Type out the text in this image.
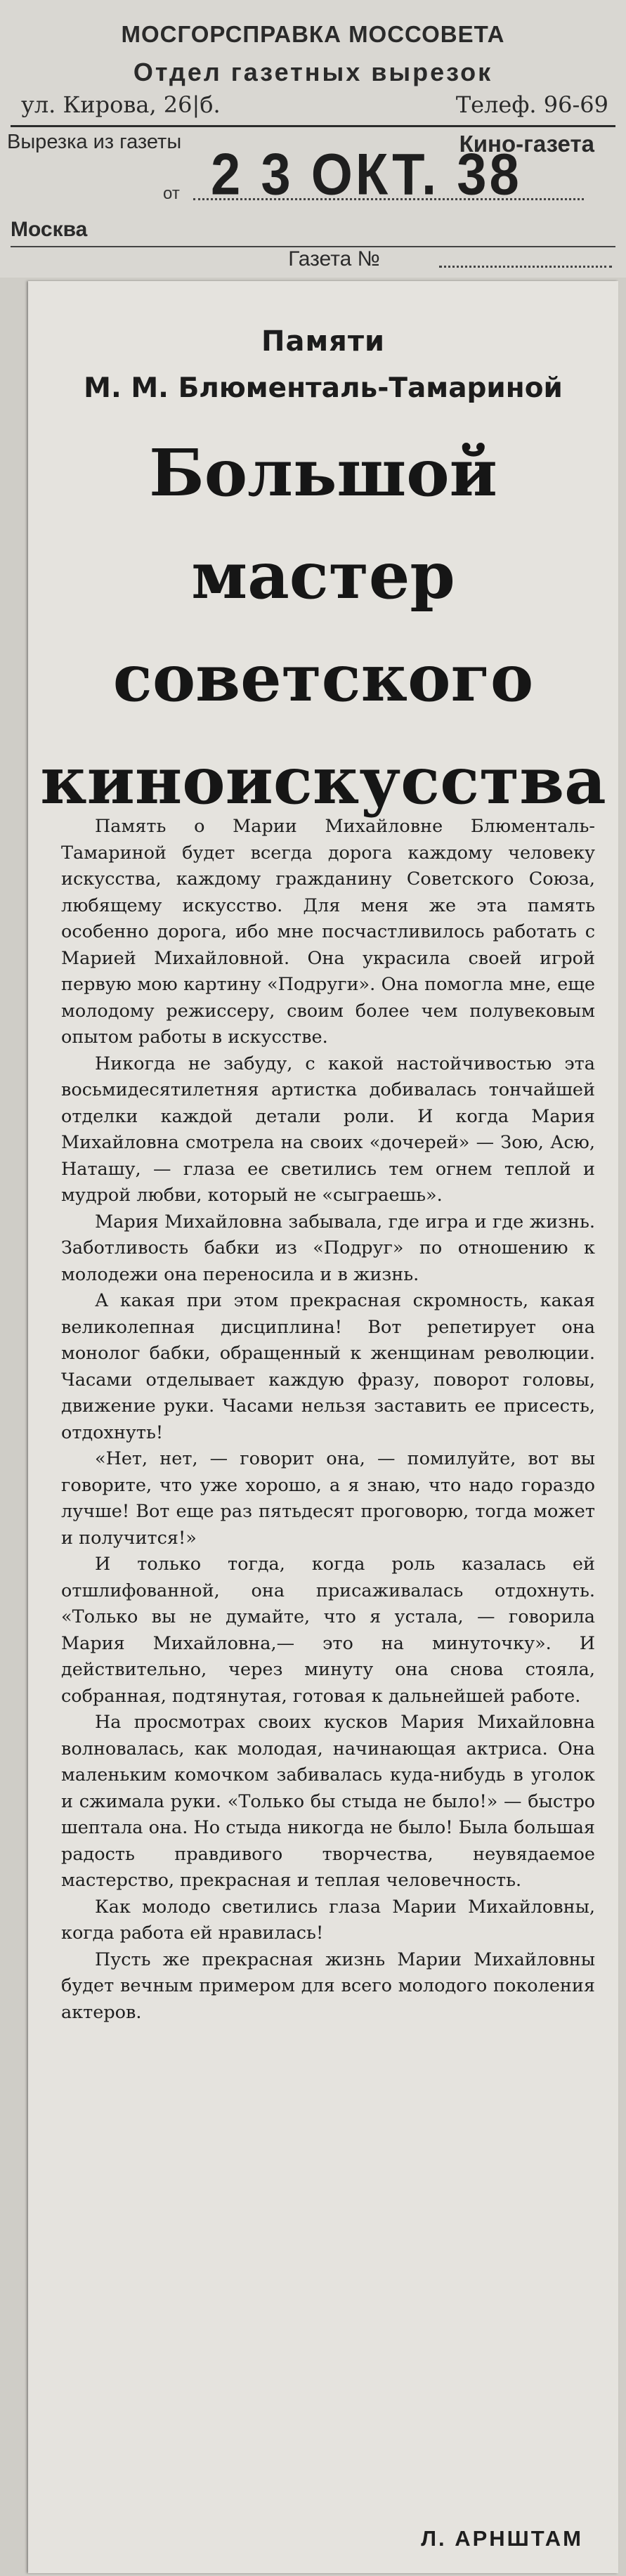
МОСГОРСПРАВКА МОССОВЕТА
Отдел газетных вырезок
ул. Кирова, 26|б.	Телеф. 96-69
Вырезка из газеты	Кино-газета
от 2 3 ОКТ. 38
Москва
Газета №
Памяти
М. М. Блюменталь-Тамариной
Большой мастер советского киноискусства

Память о Марии Михайловне Блюменталь-Тамариной будет всегда дорога каждому человеку искусства, каждому гражданину Советского Союза, любящему искусство. Для меня же эта память особенно дорога, ибо мне посчастливилось работать с Марией Михайловной. Она украсила своей игрой первую мою картину «Подруги». Она помогла мне, еще молодому режиссеру, своим более чем полувековым опытом работы в искусстве.

Никогда не забуду, с какой настойчивостью эта восьмидесятилетняя артистка добивалась тончайшей отделки каждой детали роли. И когда Мария Михайловна смотрела на своих «дочерей» — Зою, Асю, Наташу, — глаза ее светились тем огнем теплой и мудрой любви, который не «сыграешь».

Мария Михайловна забывала, где игра и где жизнь. Заботливость бабки из «Подруг» по отношению к молодежи она переносила и в жизнь.

А какая при этом прекрасная скромность, какая великолепная дисциплина! Вот репетирует она монолог бабки, обращенный к женщинам революции. Часами отделывает каждую фразу, поворот головы, движение руки. Часами нельзя заставить ее присесть, отдохнуть!

«Нет, нет, — говорит она, — помилуйте, вот вы говорите, что уже хорошо, а я знаю, что надо гораздо лучше! Вот еще раз пятьдесят проговорю, тогда может и получится!»

И только тогда, когда роль казалась ей отшлифованной, она присаживалась отдохнуть. «Только вы не думайте, что я устала, — говорила Мария Михайловна,— это на минуточку». И действительно, через минуту она снова стояла, собранная, подтянутая, готовая к дальнейшей работе.

На просмотрах своих кусков Мария Михайловна волновалась, как молодая, начинающая актриса. Она маленьким комочком забивалась куда-нибудь в уголок и сжимала руки. «Только бы стыда не было!» — быстро шептала она. Но стыда никогда не было! Была большая радость правдивого творчества, неувядаемое мастерство, прекрасная и теплая человечность.

Как молодо светились глаза Марии Михайловны, когда работа ей нравилась!

Пусть же прекрасная жизнь Марии Михайловны будет вечным примером для всего молодого поколения актеров.

Л. АРНШТАМ
